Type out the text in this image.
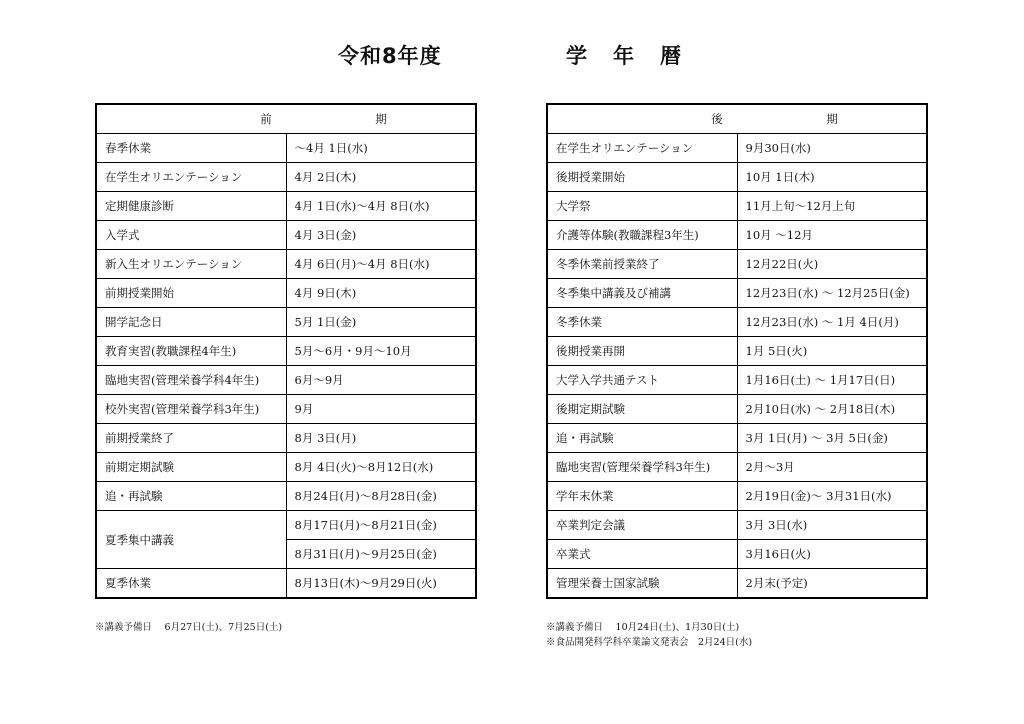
令和8年度	学年暦
前 期	
春季休業	～4月 1日(水)
在学生オリエンテーション	4月 2日(木)
定期健康診断	4月 1日(水)～4月 8日(水)
入学式	4月 3日(金)
新入生オリエンテーション	4月 6日(月)～4月 8日(水)
前期授業開始	4月 9日(木)
開学記念日	5月 1日(金)
教育実習(教職課程4年生)	5月～6月・9月～10月
臨地実習(管理栄養学科4年生)	6月～9月
校外実習(管理栄養学科3年生)	9月
前期授業終了	8月 3日(月)
前期定期試験	8月 4日(火)～8月12日(水)
追・再試験	8月24日(月)～8月28日(金)
夏季集中講義	8月17日(月)～8月21日(金)
	8月31日(月)～9月25日(金)
夏季休業	8月13日(木)～9月29日(火)
後 期	
在学生オリエンテーション	9月30日(水)
後期授業開始	10月 1日(木)
大学祭	11月上旬～12月上旬
介護等体験(教職課程3年生)	10月 ～12月
冬季休業前授業終了	12月22日(火)
冬季集中講義及び補講	12月23日(水) ～ 12月25日(金)
冬季休業	12月23日(水) ～ 1月 4日(月)
後期授業再開	1月 5日(火)
大学入学共通テスト	1月16日(土) ～ 1月17日(日)
後期定期試験	2月10日(水) ～ 2月18日(木)
追・再試験	3月 1日(月) ～ 3月 5日(金)
臨地実習(管理栄養学科3年生)	2月～3月
学年末休業	2月19日(金)～ 3月31日(水)
卒業判定会議	3月 3日(水)
卒業式	3月16日(火)
管理栄養士国家試験	2月末(予定)
※講義予備日　 6月27日(土)、7月25日(土)	※講義予備日　 10月24日(土)、1月30日(土)
※食品開発科学科卒業論文発表会　2月24日(水)
